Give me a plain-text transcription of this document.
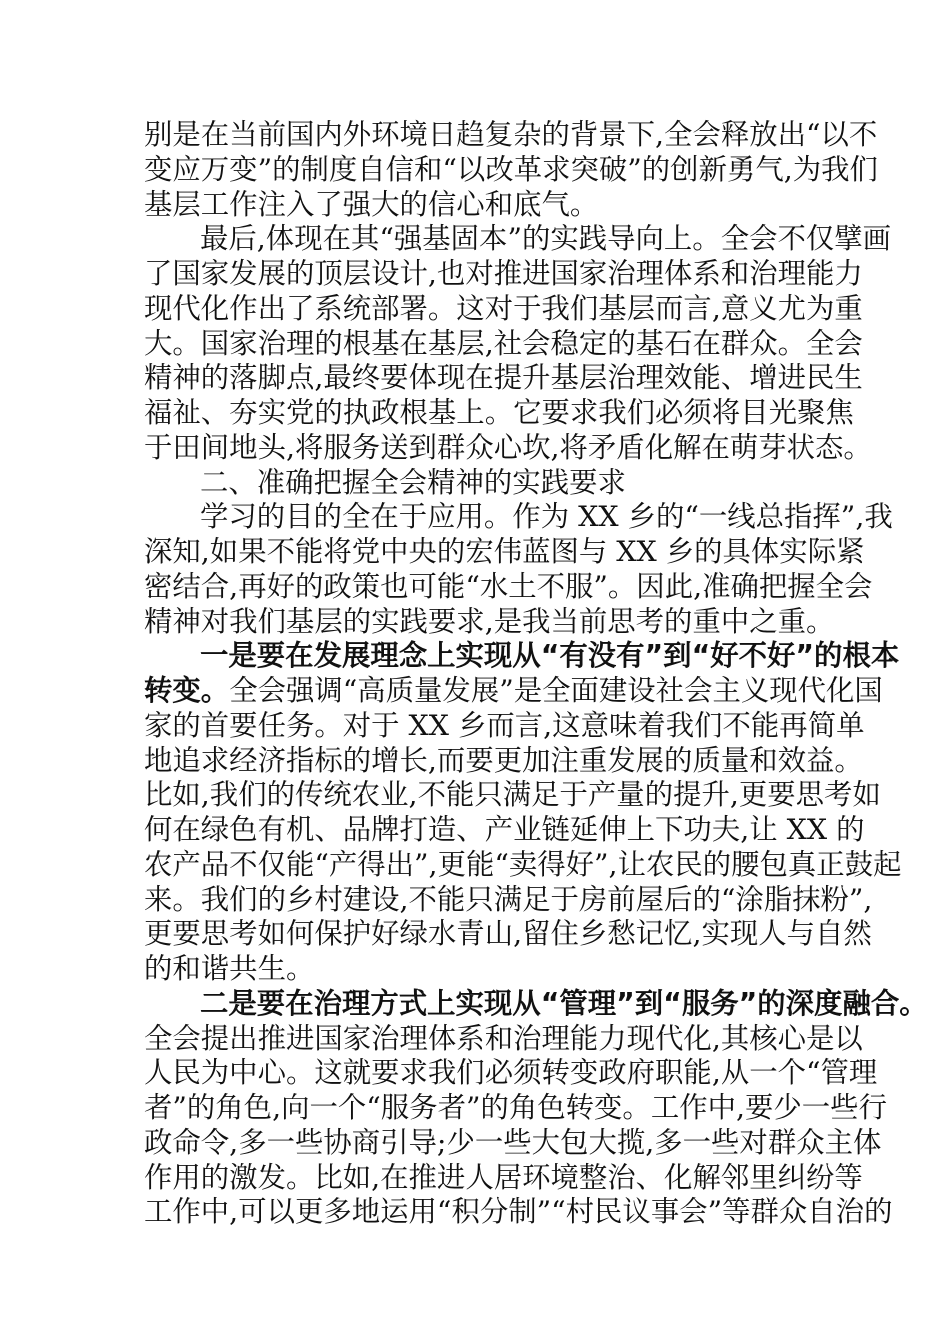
别是在当前国内外环境日趋复杂的背景下,全会释放出“以不
变应万变”的制度自信和“以改革求突破”的创新勇气,为我们
基层工作注入了强大的信心和底气。
最后,体现在其“强基固本”的实践导向上。全会不仅擘画
了国家发展的顶层设计,也对推进国家治理体系和治理能力
现代化作出了系统部署。这对于我们基层而言,意义尤为重
大。国家治理的根基在基层,社会稳定的基石在群众。全会
精神的落脚点,最终要体现在提升基层治理效能、增进民生
福祉、夯实党的执政根基上。它要求我们必须将目光聚焦
于田间地头,将服务送到群众心坎,将矛盾化解在萌芽状态。
二、准确把握全会精神的实践要求
学习的目的全在于应用。作为 XX 乡的“一线总指挥”,我
深知,如果不能将党中央的宏伟蓝图与 XX 乡的具体实际紧
密结合,再好的政策也可能“水土不服”。因此,准确把握全会
精神对我们基层的实践要求,是我当前思考的重中之重。
一是要在发展理念上实现从“有没有”到“好不好”的根本
转变。全会强调“高质量发展”是全面建设社会主义现代化国
家的首要任务。对于 XX 乡而言,这意味着我们不能再简单
地追求经济指标的增长,而要更加注重发展的质量和效益。
比如,我们的传统农业,不能只满足于产量的提升,更要思考如
何在绿色有机、品牌打造、产业链延伸上下功夫,让 XX 的
农产品不仅能“产得出”,更能“卖得好”,让农民的腰包真正鼓起
来。我们的乡村建设,不能只满足于房前屋后的“涂脂抹粉”,
更要思考如何保护好绿水青山,留住乡愁记忆,实现人与自然
的和谐共生。
二是要在治理方式上实现从“管理”到“服务”的深度融合。
全会提出推进国家治理体系和治理能力现代化,其核心是以
人民为中心。这就要求我们必须转变政府职能,从一个“管理
者”的角色,向一个“服务者”的角色转变。工作中,要少一些行
政命令,多一些协商引导;少一些大包大揽,多一些对群众主体
作用的激发。比如,在推进人居环境整治、化解邻里纠纷等
工作中,可以更多地运用“积分制”“村民议事会”等群众自治的
